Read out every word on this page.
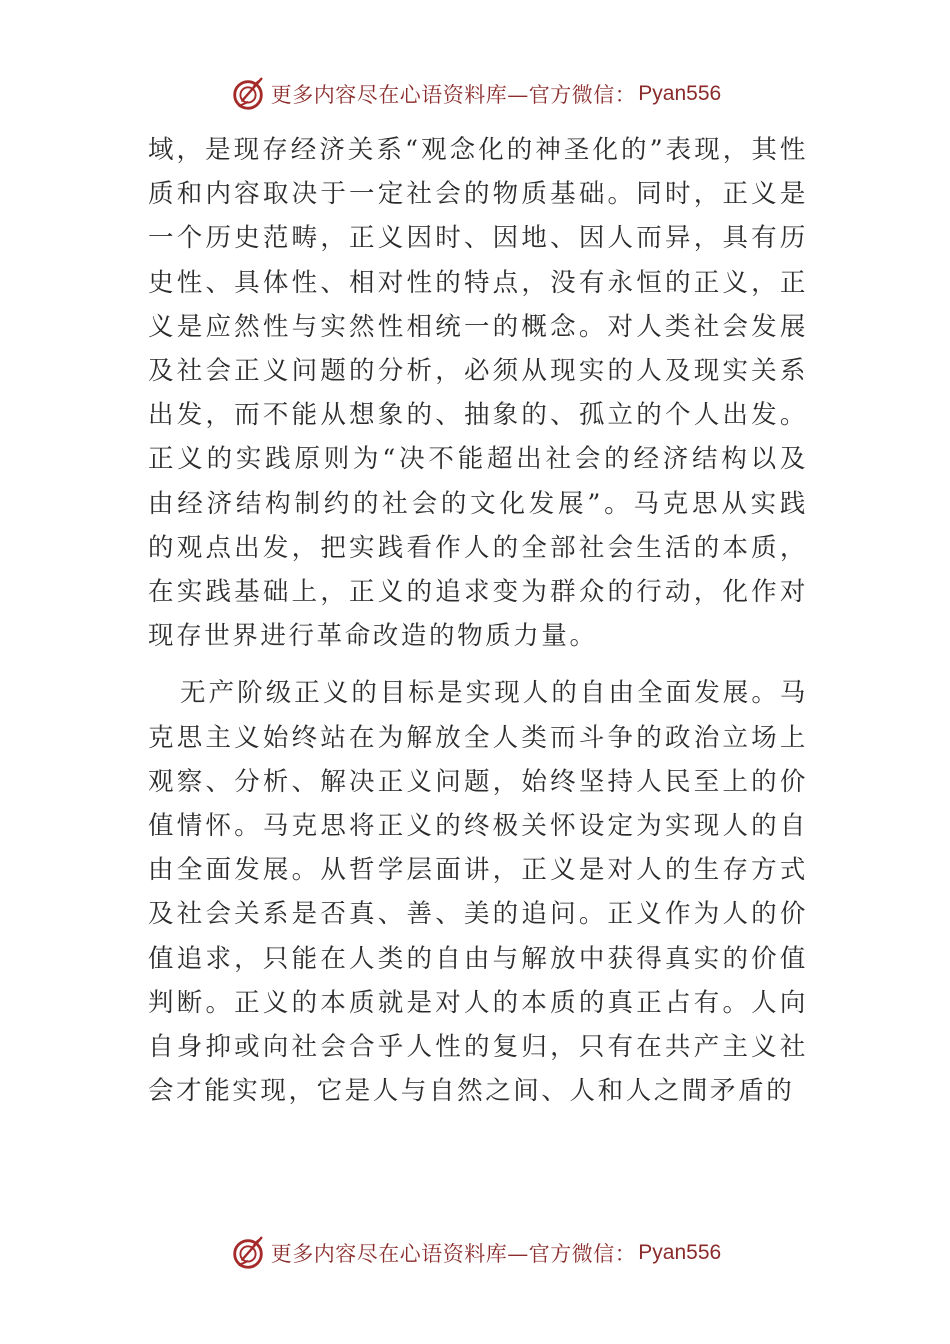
更多内容尽在心语资料库—官方微信： Pyan556

域，是现存经济关系“观念化的神圣化的”表现，其性质和内容取决于一定社会的物质基础。同时，正义是一个历史范畴，正义因时、因地、因人而异，具有历史性、具体性、相对性的特点，没有永恒的正义，正义是应然性与实然性相统一的概念。对人类社会发展及社会正义问题的分析，必须从现实的人及现实关系出发，而不能从想象的、抽象的、孤立的个人出发。正义的实践原则为“决不能超出社会的经济结构以及由经济结构制约的社会的文化发展”。马克思从实践的观点出发，把实践看作人的全部社会生活的本质，在实践基础上，正义的追求变为群众的行动，化作对现存世界进行革命改造的物质力量。

无产阶级正义的目标是实现人的自由全面发展。马克思主义始终站在为解放全人类而斗争的政治立场上观察、分析、解决正义问题，始终坚持人民至上的价值情怀。马克思将正义的终极关怀设定为实现人的自由全面发展。从哲学层面讲，正义是对人的生存方式及社会关系是否真、善、美的追问。正义作为人的价值追求，只能在人类的自由与解放中获得真实的价值判断。正义的本质就是对人的本质的真正占有。人向自身抑或向社会合乎人性的复归，只有在共产主义社会才能实现，它是人与自然之间、人和人之間矛盾的

更多内容尽在心语资料库—官方微信： Pyan556
